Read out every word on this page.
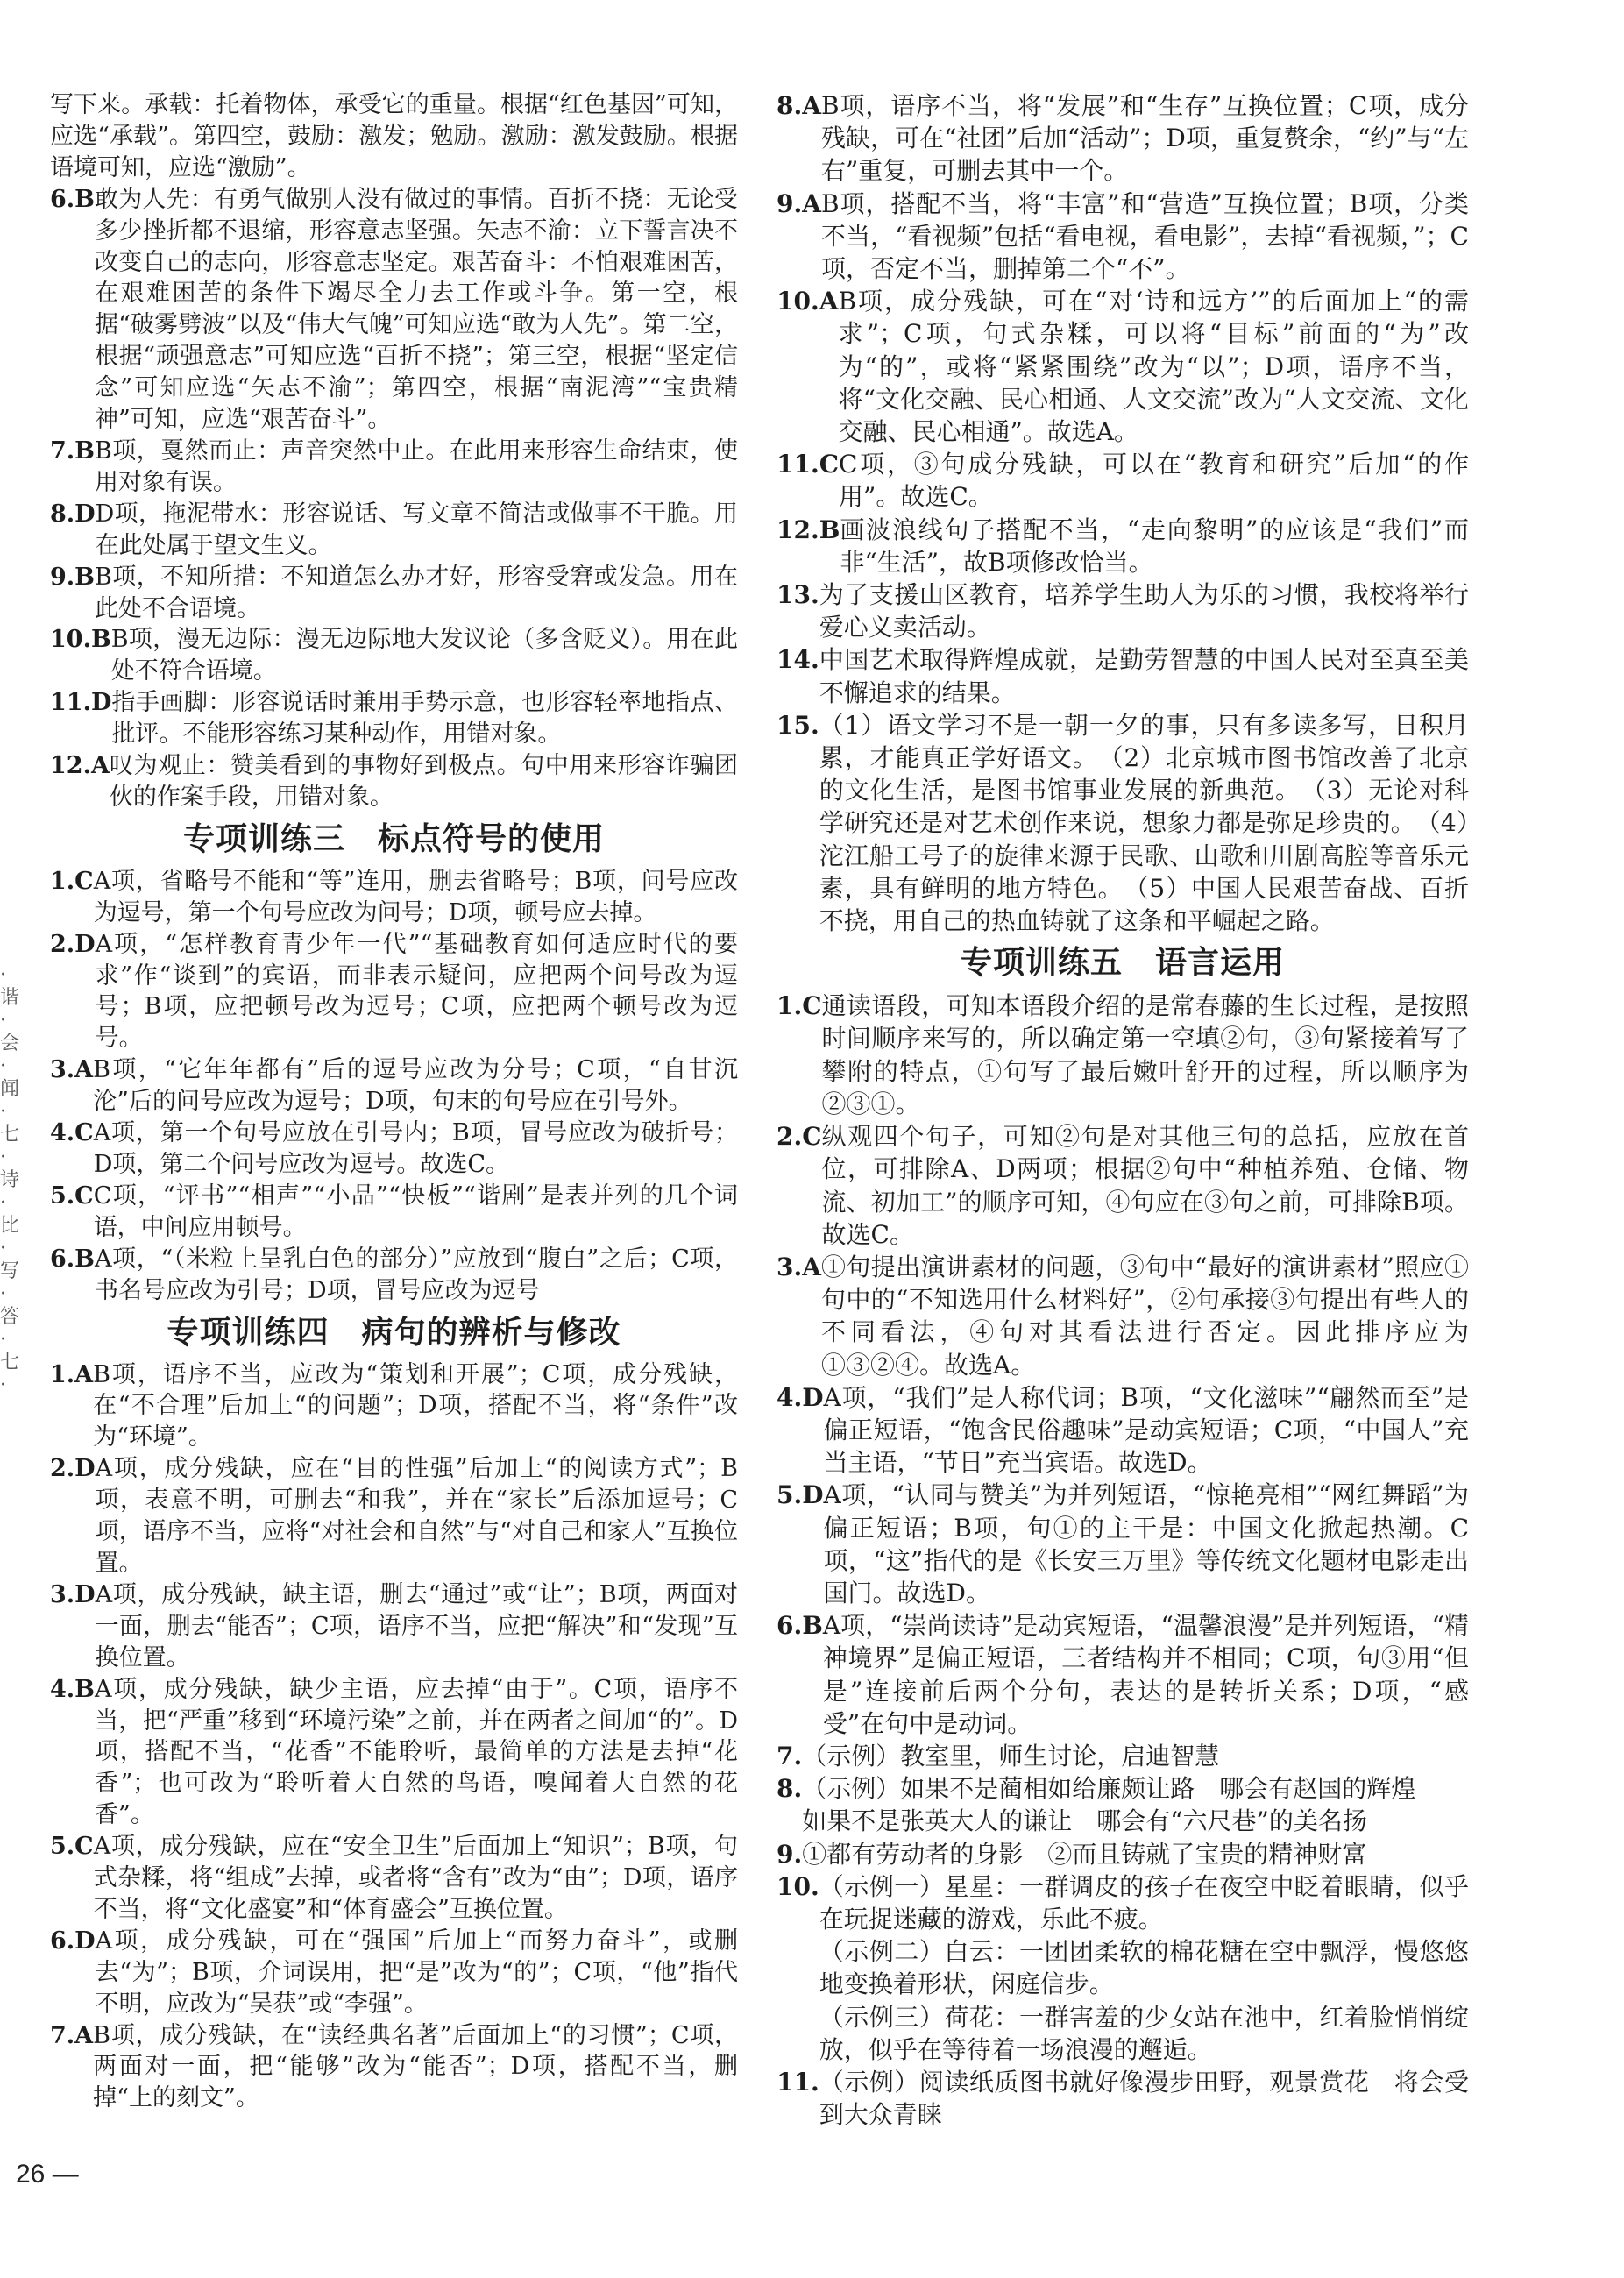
·谐·会·闻·七·诗·比·写·答·七·
写下来。承载：托着物体，承受它的重量。根据“红色基因”可知，应选“承载”。第四空，鼓励：激发；勉励。激励：激发鼓励。根据语境可知，应选“激励”。
6.B 敢为人先：有勇气做别人没有做过的事情。百折不挠：无论受多少挫折都不退缩，形容意志坚强。矢志不渝：立下誓言决不改变自己的志向，形容意志坚定。艰苦奋斗：不怕艰难困苦，在艰难困苦的条件下竭尽全力去工作或斗争。第一空，根据“破雾劈波”以及“伟大气魄”可知应选“敢为人先”。第二空，根据“顽强意志”可知应选“百折不挠”；第三空，根据“坚定信念”可知应选“矢志不渝”；第四空，根据“南泥湾”“宝贵精神”可知，应选“艰苦奋斗”。
7.B B项，戛然而止：声音突然中止。在此用来形容生命结束，使用对象有误。
8.D D项，拖泥带水：形容说话、写文章不简洁或做事不干脆。用在此处属于望文生义。
9.B B项，不知所措：不知道怎么办才好，形容受窘或发急。用在此处不合语境。
10.B B项，漫无边际：漫无边际地大发议论（多含贬义）。用在此处不符合语境。
11.D 指手画脚：形容说话时兼用手势示意，也形容轻率地指点、批评。不能形容练习某种动作，用错对象。
12.A 叹为观止：赞美看到的事物好到极点。句中用来形容诈骗团伙的作案手段，用错对象。
专项训练三　标点符号的使用
1.C A项，省略号不能和“等”连用，删去省略号；B项，问号应改为逗号，第一个句号应改为问号；D项，顿号应去掉。
2.D A项，“怎样教育青少年一代”“基础教育如何适应时代的要求”作“谈到”的宾语，而非表示疑问，应把两个问号改为逗号；B项，应把顿号改为逗号；C项，应把两个顿号改为逗号。
3.A B项，“它年年都有”后的逗号应改为分号；C项，“自甘沉沦”后的问号应改为逗号；D项，句末的句号应在引号外。
4.C A项，第一个句号应放在引号内；B项，冒号应改为破折号；D项，第二个问号应改为逗号。故选C。
5.C C项，“评书”“相声”“小品”“快板”“谐剧”是表并列的几个词语，中间应用顿号。
6.B A项，“（米粒上呈乳白色的部分）”应放到“腹白”之后；C项，书名号应改为引号；D项，冒号应改为逗号
专项训练四　病句的辨析与修改
1.A B项，语序不当，应改为“策划和开展”；C项，成分残缺，在“不合理”后加上“的问题”；D项，搭配不当，将“条件”改为“环境”。
2.D A项，成分残缺，应在“目的性强”后加上“的阅读方式”；B项，表意不明，可删去“和我”，并在“家长”后添加逗号；C项，语序不当，应将“对社会和自然”与“对自己和家人”互换位置。
3.D A项，成分残缺，缺主语，删去“通过”或“让”；B项，两面对一面，删去“能否”；C项，语序不当，应把“解决”和“发现”互换位置。
4.B A项，成分残缺，缺少主语，应去掉“由于”。C项，语序不当，把“严重”移到“环境污染”之前，并在两者之间加“的”。D项，搭配不当，“花香”不能聆听，最简单的方法是去掉“花香”；也可改为“聆听着大自然的鸟语，嗅闻着大自然的花香”。
5.C A项，成分残缺，应在“安全卫生”后面加上“知识”；B项，句式杂糅，将“组成”去掉，或者将“含有”改为“由”；D项，语序不当，将“文化盛宴”和“体育盛会”互换位置。
6.D A项，成分残缺，可在“强国”后加上“而努力奋斗”，或删去“为”；B项，介词误用，把“是”改为“的”；C项，“他”指代不明，应改为“吴获”或“李强”。
7.A B项，成分残缺，在“读经典名著”后面加上“的习惯”；C项，两面对一面，把“能够”改为“能否”；D项，搭配不当，删掉“上的刻文”。
8.A B项，语序不当，将“发展”和“生存”互换位置；C项，成分残缺，可在“社团”后加“活动”；D项，重复赘余，“约”与“左右”重复，可删去其中一个。
9.A B项，搭配不当，将“丰富”和“营造”互换位置；B项，分类不当，“看视频”包括“看电视，看电影”，去掉“看视频，”；C项，否定不当，删掉第二个“不”。
10.A B项，成分残缺，可在“对‘诗和远方’”的后面加上“的需求”；C项，句式杂糅，可以将“目标”前面的“为”改为“的”，或将“紧紧围绕”改为“以”；D项，语序不当，将“文化交融、民心相通、人文交流”改为“人文交流、文化交融、民心相通”。故选A。
11.C C项，③句成分残缺，可以在“教育和研究”后加“的作用”。故选C。
12.B 画波浪线句子搭配不当，“走向黎明”的应该是“我们”而非“生活”，故B项修改恰当。
13. 为了支援山区教育，培养学生助人为乐的习惯，我校将举行爱心义卖活动。
14. 中国艺术取得辉煌成就，是勤劳智慧的中国人民对至真至美不懈追求的结果。
15. （1）语文学习不是一朝一夕的事，只有多读多写，日积月累，才能真正学好语文。　（2）北京城市图书馆改善了北京的文化生活，是图书馆事业发展的新典范。　（3）无论对科学研究还是对艺术创作来说，想象力都是弥足珍贵的。　（4）沱江船工号子的旋律来源于民歌、山歌和川剧高腔等音乐元素，具有鲜明的地方特色。　（5）中国人民艰苦奋战、百折不挠，用自己的热血铸就了这条和平崛起之路。
专项训练五　语言运用
1.C 通读语段，可知本语段介绍的是常春藤的生长过程，是按照时间顺序来写的，所以确定第一空填②句，③句紧接着写了攀附的特点，①句写了最后嫩叶舒开的过程，所以顺序为②③①。
2.C 纵观四个句子，可知②句是对其他三句的总括，应放在首位，可排除A、D两项；根据②句中“种植养殖、仓储、物流、初加工”的顺序可知，④句应在③句之前，可排除B项。故选C。
3.A ①句提出演讲素材的问题，③句中“最好的演讲素材”照应①句中的“不知选用什么材料好”，②句承接③句提出有些人的不同看法，④句对其看法进行否定。因此排序应为①③②④。故选A。
4.D A项，“我们”是人称代词；B项，“文化滋味”“翩然而至”是偏正短语，“饱含民俗趣味”是动宾短语；C项，“中国人”充当主语，“节日”充当宾语。故选D。
5.D A项，“认同与赞美”为并列短语，“惊艳亮相”“网红舞蹈”为偏正短语；B项，句①的主干是：中国文化掀起热潮。C项，“这”指代的是《长安三万里》等传统文化题材电影走出国门。故选D。
6.B A项，“崇尚读诗”是动宾短语，“温馨浪漫”是并列短语，“精神境界”是偏正短语，三者结构并不相同；C项，句③用“但是”连接前后两个分句，表达的是转折关系；D项，“感受”在句中是动词。
7. （示例）教室里，师生讨论，启迪智慧
8. （示例）如果不是蔺相如给廉颇让路　哪会有赵国的辉煌
如果不是张英大人的谦让　哪会有“六尺巷”的美名扬
9. ①都有劳动者的身影　②而且铸就了宝贵的精神财富
10. （示例一）星星：一群调皮的孩子在夜空中眨着眼睛，似乎在玩捉迷藏的游戏，乐此不疲。
（示例二）白云：一团团柔软的棉花糖在空中飘浮，慢悠悠地变换着形状，闲庭信步。
（示例三）荷花：一群害羞的少女站在池中，红着脸悄悄绽放，似乎在等待着一场浪漫的邂逅。
11. （示例）阅读纸质图书就好像漫步田野，观景赏花　将会受到大众青睐
26 —
